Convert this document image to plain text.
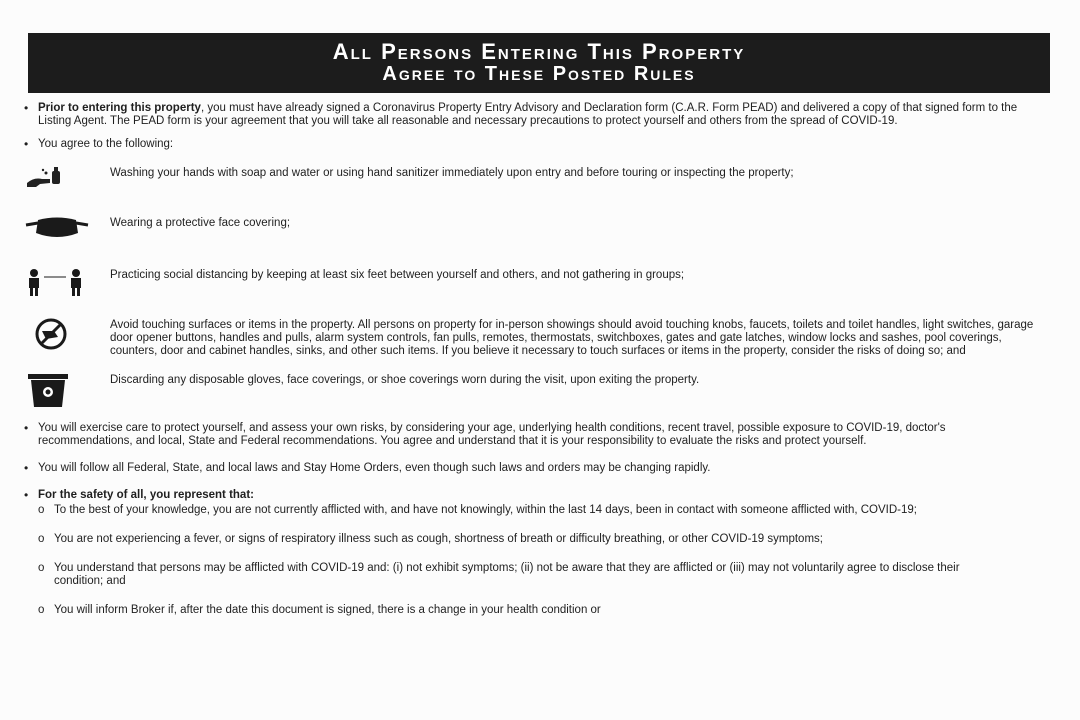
All Persons Entering This Property
Agree to These Posted Rules
• Prior to entering this property, you must have already signed a Coronavirus Property Entry Advisory and Declaration form (C.A.R. Form PEAD) and delivered a copy of that signed form to the Listing Agent. The PEAD form is your agreement that you will take all reasonable and necessary precautions to protect yourself and others from the spread of COVID-19.
• You agree to the following:
Washing your hands with soap and water or using hand sanitizer immediately upon entry and before touring or inspecting the property;
Wearing a protective face covering;
Practicing social distancing by keeping at least six feet between yourself and others, and not gathering in groups;
Avoid touching surfaces or items in the property. All persons on property for in-person showings should avoid touching knobs, faucets, toilets and toilet handles, light switches, garage door opener buttons, handles and pulls, alarm system controls, fan pulls, remotes, thermostats, switchboxes, gates and gate latches, window locks and sashes, pool coverings, counters, door and cabinet handles, sinks, and other such items. If you believe it necessary to touch surfaces or items in the property, consider the risks of doing so; and
Discarding any disposable gloves, face coverings, or shoe coverings worn during the visit, upon exiting the property.
• You will exercise care to protect yourself, and assess your own risks, by considering your age, underlying health conditions, recent travel, possible exposure to COVID-19, doctor's recommendations, and local, State and Federal recommendations. You agree and understand that it is your responsibility to evaluate the risks and protect yourself.
• You will follow all Federal, State, and local laws and Stay Home Orders, even though such laws and orders may be changing rapidly.
• For the safety of all, you represent that:
o To the best of your knowledge, you are not currently afflicted with, and have not knowingly, within the last 14 days, been in contact with someone afflicted with, COVID-19;
o You are not experiencing a fever, or signs of respiratory illness such as cough, shortness of breath or difficulty breathing, or other COVID-19 symptoms;
o You understand that persons may be afflicted with COVID-19 and: (i) not exhibit symptoms; (ii) not be aware that they are afflicted or (iii) may not voluntarily agree to disclose their condition; and
o You will inform Broker if, after the date this document is signed, there is a change in your health condition or
